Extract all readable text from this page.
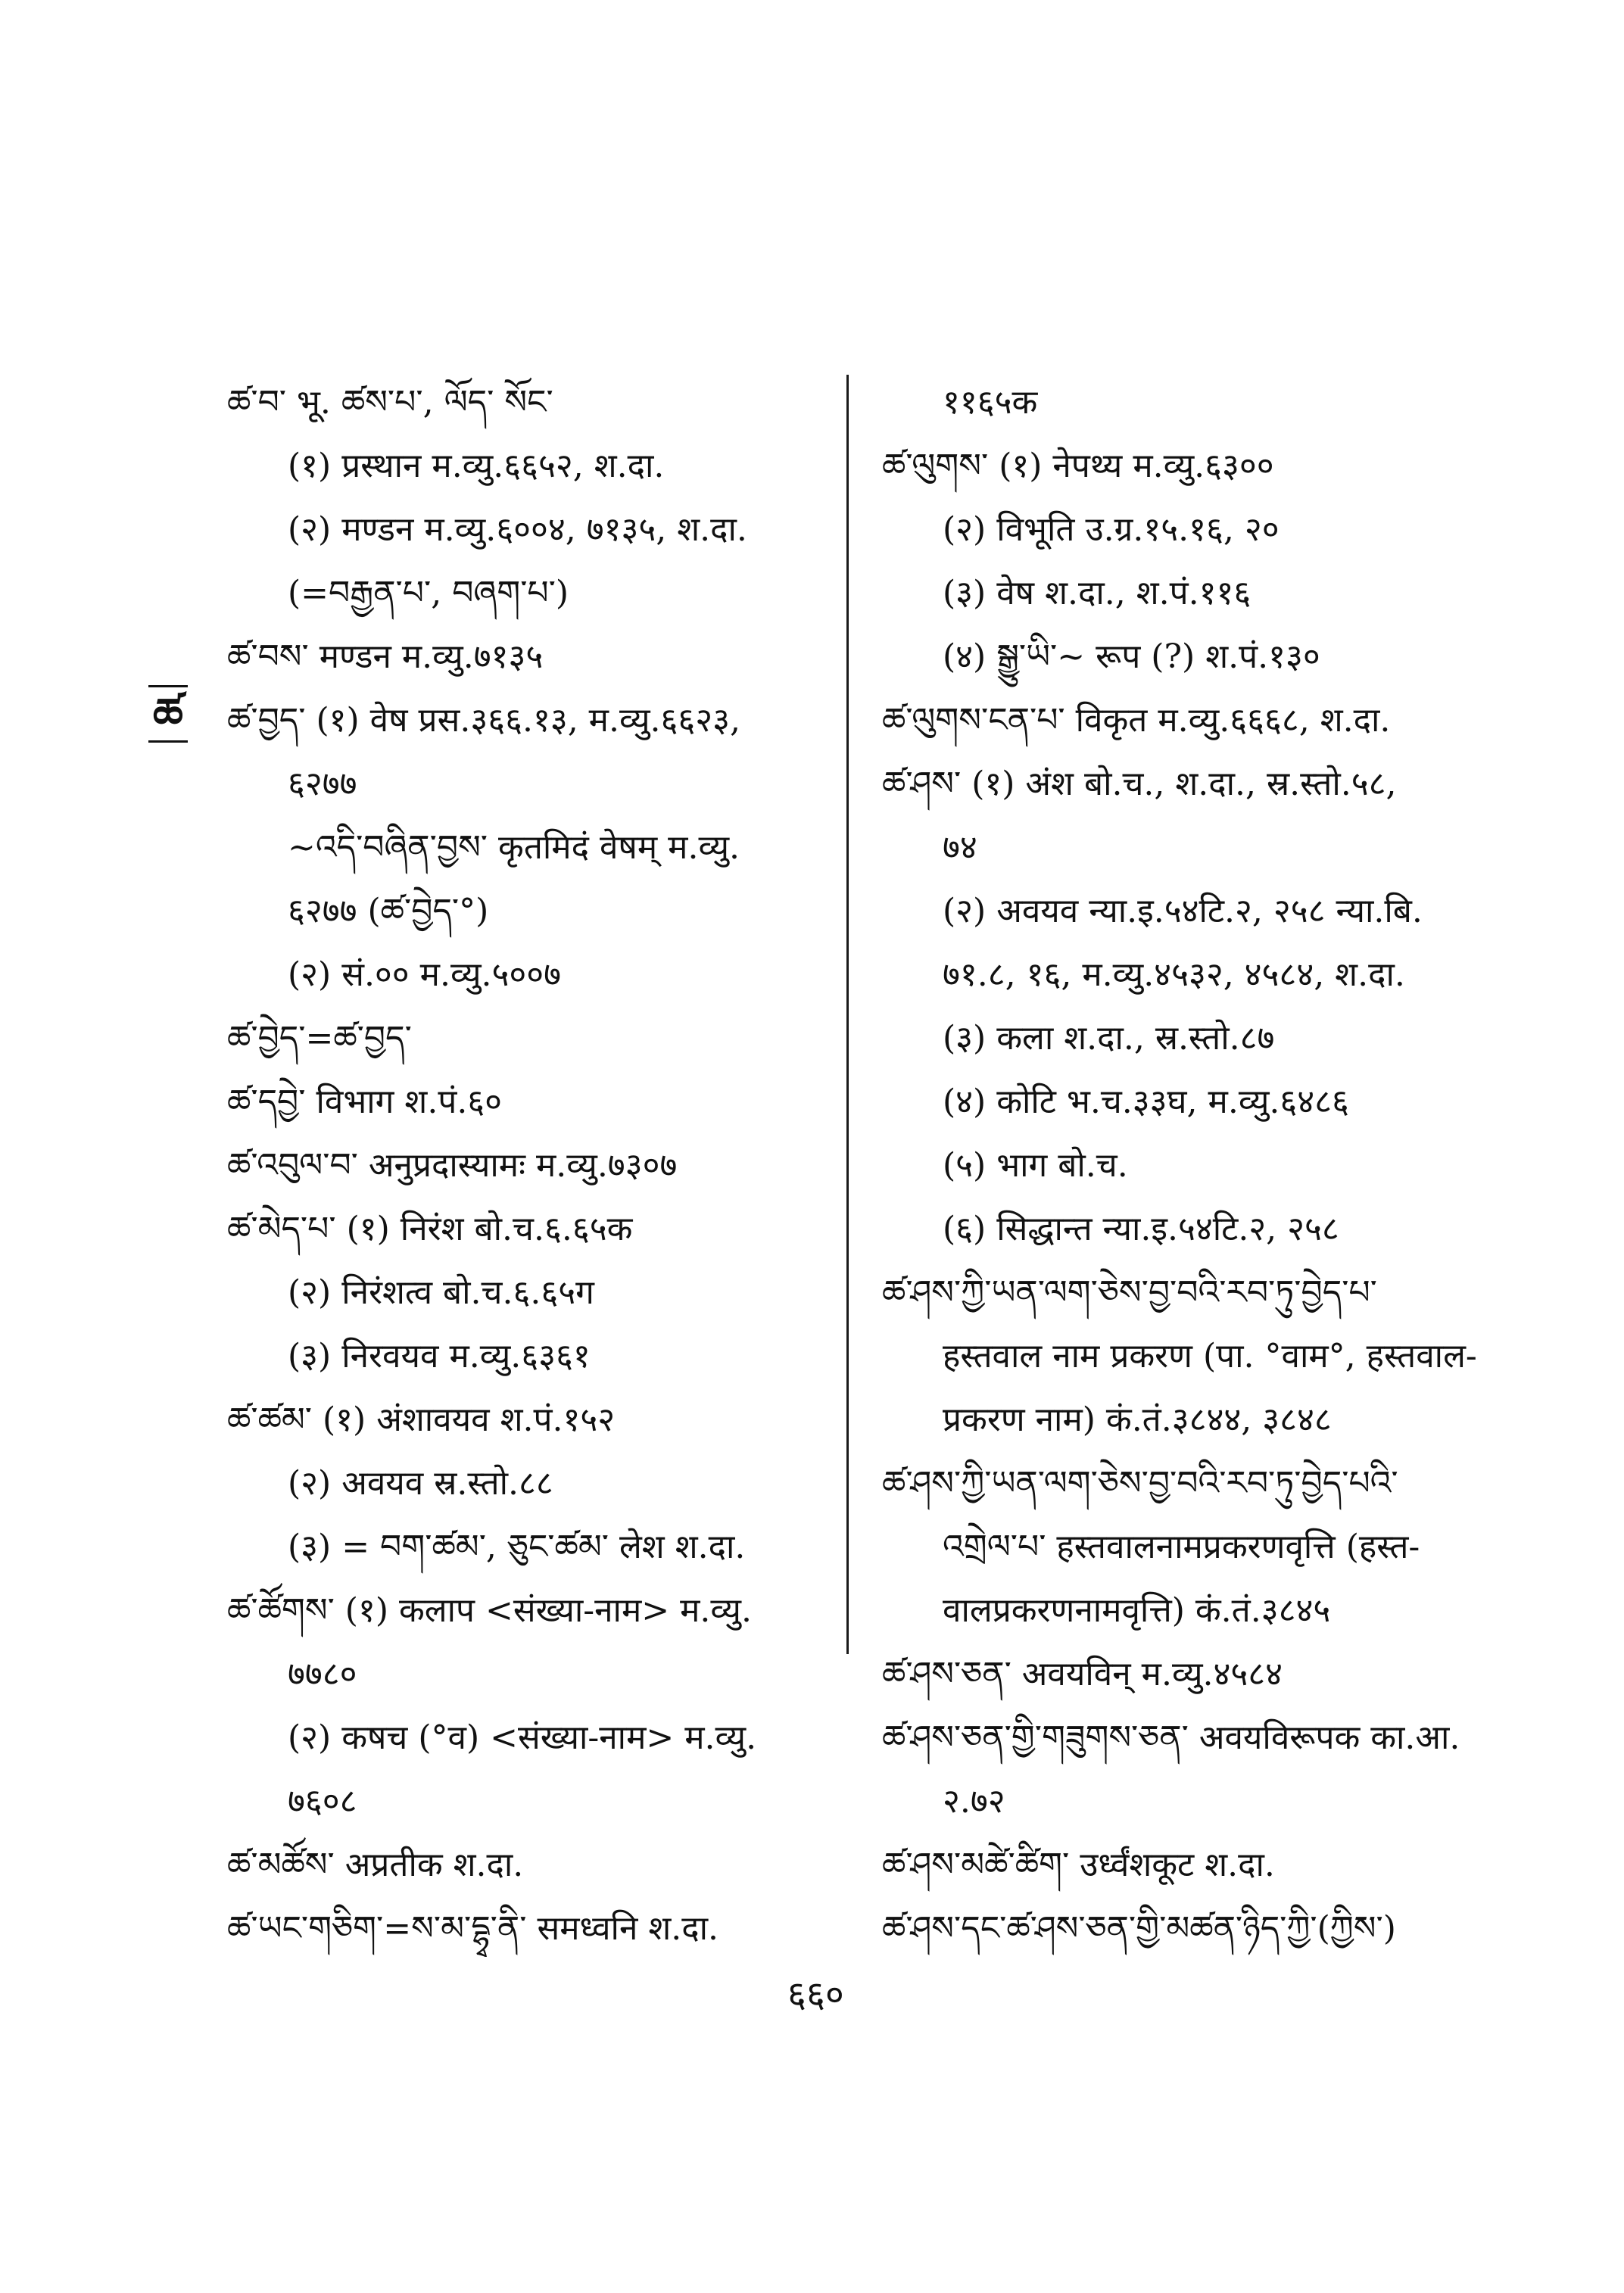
ཚ
ཚ་བ་ भू. ཚས་པ་, ལོད་ སོང་
(१) प्रस्थान म.व्यु.६६५२, श.दा.
(२) मण्डन म.व्यु.६००४, ७१३५, श.दा.
(=བརྒྱན་པ་, བཞག་པ་)
ཚ་བས་ मण्डन म.व्यु.७१३५
ཚ་བྱད་ (१) वेष प्रस.३६६.१३, म.व्यु.६६२३,
६२७७
~འདི་བཞིན་བྱས་ कृतमिदं वेषम् म.व्यु.
६२७७ (ཚ་བྱེད་°)
(२) सं.०० म.व्यु.५००७
ཚ་བྱེད་=ཚ་བྱད་
ཚ་དབྱེ་ विभाग श.पं.६०
ཚ་འབུལ་བ་ अनुप्रदास्यामः म.व्यु.७३०७
ཚ་མེད་པ་ (१) निरंश बो.च.६.६५क
(२) निरंशत्व बो.च.६.६५ग
(३) निरवयव म.व्यु.६३६१
ཚ་ཚམ་ (१) अंशावयव श.पं.१५२
(२) अवयव स्र.स्तो.८८
(३) = བག་ཚམ་, ཅུང་ཚམ་ लेश श.दा.
ཚ་ཚོགས་ (१) कलाप <संख्या-नाम> म.व्यु.
७७८०
(२) कषच (°व) <संख्या-नाम> म.व्यु.
७६०८
ཚ་མཚོས་ अप्रतीक श.दा.
ཚ་ཡང་གཅིག་=ས་མ་དྷྭ་ནི་ समध्वनि श.दा.
११६५क
ཚ་ལུགས་ (१) नेपथ्य म.व्यु.६३००
(२) विभूति उ.ग्र.१५.१६, २०
(३) वेष श.दा., श.पं.११६
(४) སྒྱུ་ཡི་~ रूप (?) श.पं.१३०
ཚ་ལུགས་ངན་པ་ विकृत म.व्यु.६६६८, श.दा.
ཚ་ཤས་ (१) अंश बो.च., श.दा., स्र.स्तो.५८,
७४
(२) अवयव न्या.इ.५४टि.२, २५८ न्या.बि.
७१.८, १६, म.व्यु.४५३२, ४५८४, श.दा.
(३) कला श.दा., स्र.स्तो.८७
(४) कोटि भ.च.३३घ, म.व्यु.६४८६
(५) भाग बो.च.
(६) सिद्धान्त न्या.इ.५४टि.२, २५८
ཚ་ཤས་ཀྱི་ཡན་ལག་ཅེས་བྱ་བའི་རབ་ཏུ་བྱེད་པ་
हस्तवाल नाम प्रकरण (पा. °वाम°, हस्तवाल-
प्रकरण नाम) कं.तं.३८४४, ३८४८
ཚ་ཤས་ཀྱི་ཡན་ལག་ཅེས་བྱ་བའི་རབ་ཏུ་བྱེད་པའི་
འགྲེལ་པ་ हस्तवालनामप्रकरणवृत्ति (हस्त-
वालप्रकरणनामवृत्ति) कं.तं.३८४५
ཚ་ཤས་ཅན་ अवयविन् म.व्यु.४५८४
ཚ་ཤས་ཅན་གྱི་གཟུགས་ཅན་ अवयविरूपक का.आ.
२.७२
ཚ་ཤས་མཚེ་ཚིག་ उर्ध्वंशकूट श.दा.
ཚ་ཤས་དང་ཚ་ཤས་ཅན་གྱི་མཚན་ཉིད་ཀྱི་(ཀྱིས་)
६६०
